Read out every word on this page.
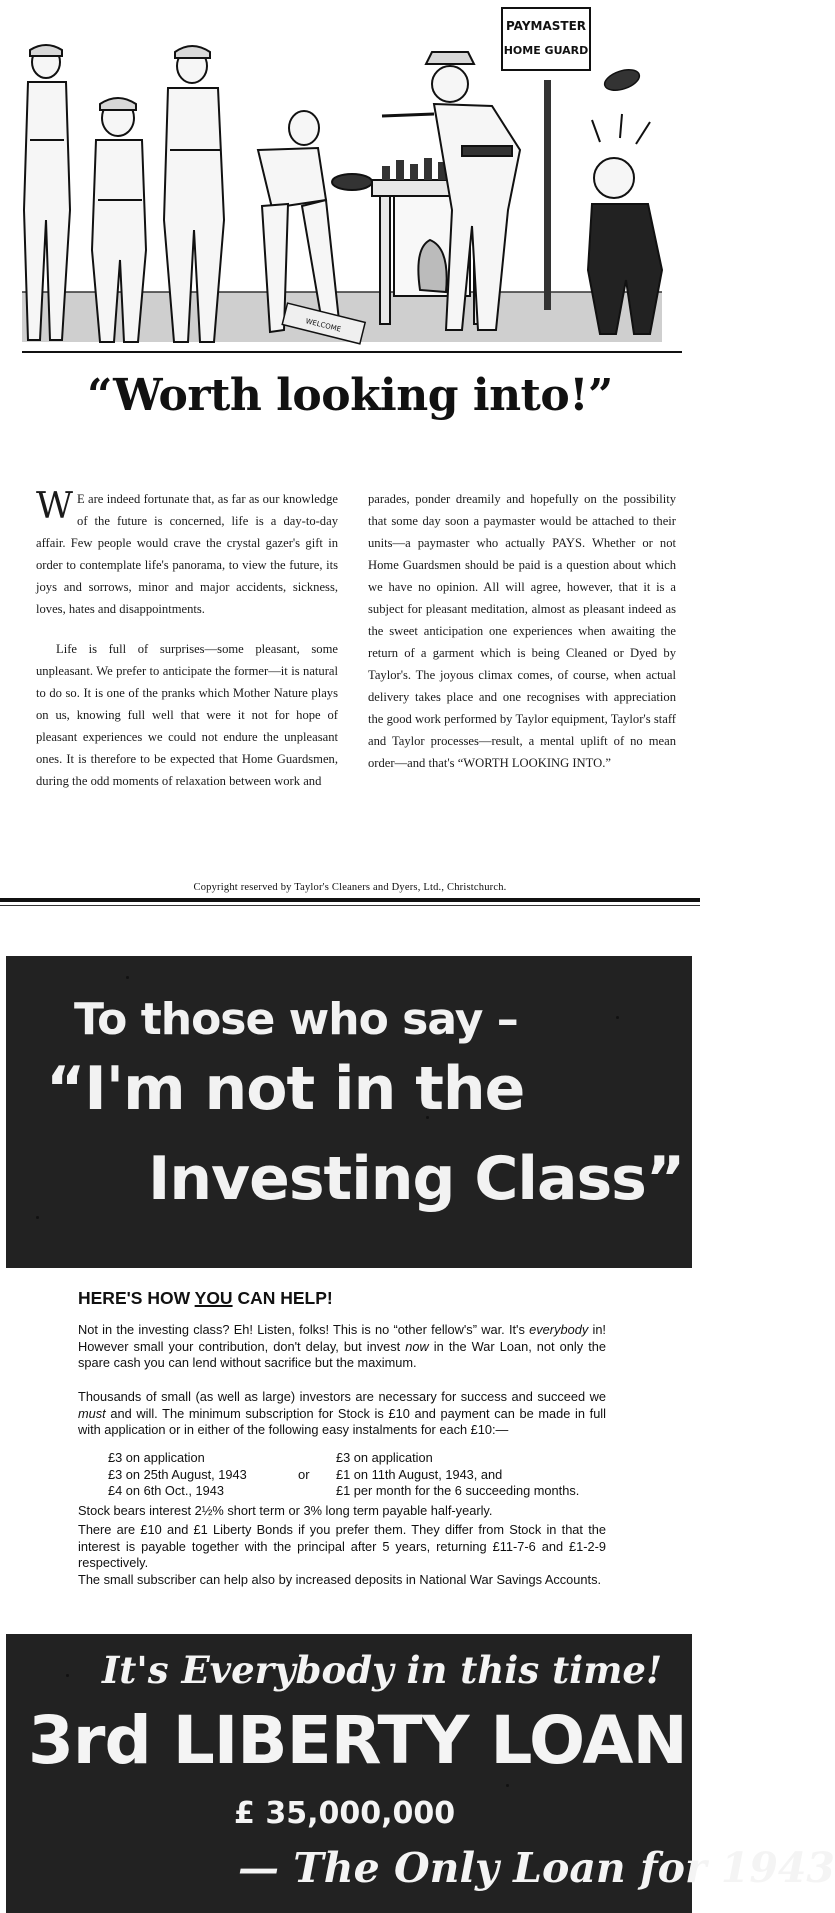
WELCOME
PAYMASTER
HOME GUARD
“Worth looking into!”

W E are indeed fortunate that, as far as our knowledge of the future is concerned, life is a day-to-day affair. Few people would crave the crystal gazer's gift in order to contemplate life's panorama, to view the future, its joys and sorrows, minor and major accidents, sickness, loves, hates and disappointments.

Life is full of surprises—some pleasant, some unpleasant. We prefer to anticipate the former—it is natural to do so. It is one of the pranks which Mother Nature plays on us, knowing full well that were it not for hope of pleasant experiences we could not endure the unpleasant ones. It is therefore to be expected that Home Guardsmen, during the odd moments of relaxation between work and

parades, ponder dreamily and hopefully on the possibility that some day soon a paymaster would be attached to their units—a paymaster who actually PAYS. Whether or not Home Guardsmen should be paid is a question about which we have no opinion. All will agree, however, that it is a subject for pleasant meditation, almost as pleasant indeed as the sweet anticipation one experiences when awaiting the return of a garment which is being Cleaned or Dyed by Taylor's. The joyous climax comes, of course, when actual delivery takes place and one recognises with appreciation the good work performed by Taylor equipment, Taylor's staff and Taylor processes—result, a mental uplift of no mean order—and that's “WORTH LOOKING INTO.”

Copyright reserved by Taylor's Cleaners and Dyers, Ltd., Christchurch.
To those who say –
“I'm not in the
Investing Class”
HERE'S HOW YOU CAN HELP!
Not in the investing class? Eh! Listen, folks! This is no “other fellow's” war. It's everybody in! However small your contribution, don't delay, but invest now in the War Loan, not only the spare cash you can lend without sacrifice but the maximum.
Thousands of small (as well as large) investors are necessary for success and succeed we must and will. The minimum subscription for Stock is £10 and payment can be made in full with application or in either of the following easy instalments for each £10:—
£3 on application
£3 on 25th August, 1943
£4 on 6th Oct., 1943
or
£3 on application
£1 on 11th August, 1943, and
£1 per month for the 6 succeeding months.
Stock bears interest 2½% short term or 3% long term payable half-yearly.
There are £10 and £1 Liberty Bonds if you prefer them. They differ from Stock in that the interest is payable together with the principal after 5 years, returning £11-7-6 and £1-2-9 respectively.
The small subscriber can help also by increased deposits in National War Savings Accounts.
It's Everybody in this time!
3rd LIBERTY LOAN
£ 35,000,000
— The Only Loan for 1943
